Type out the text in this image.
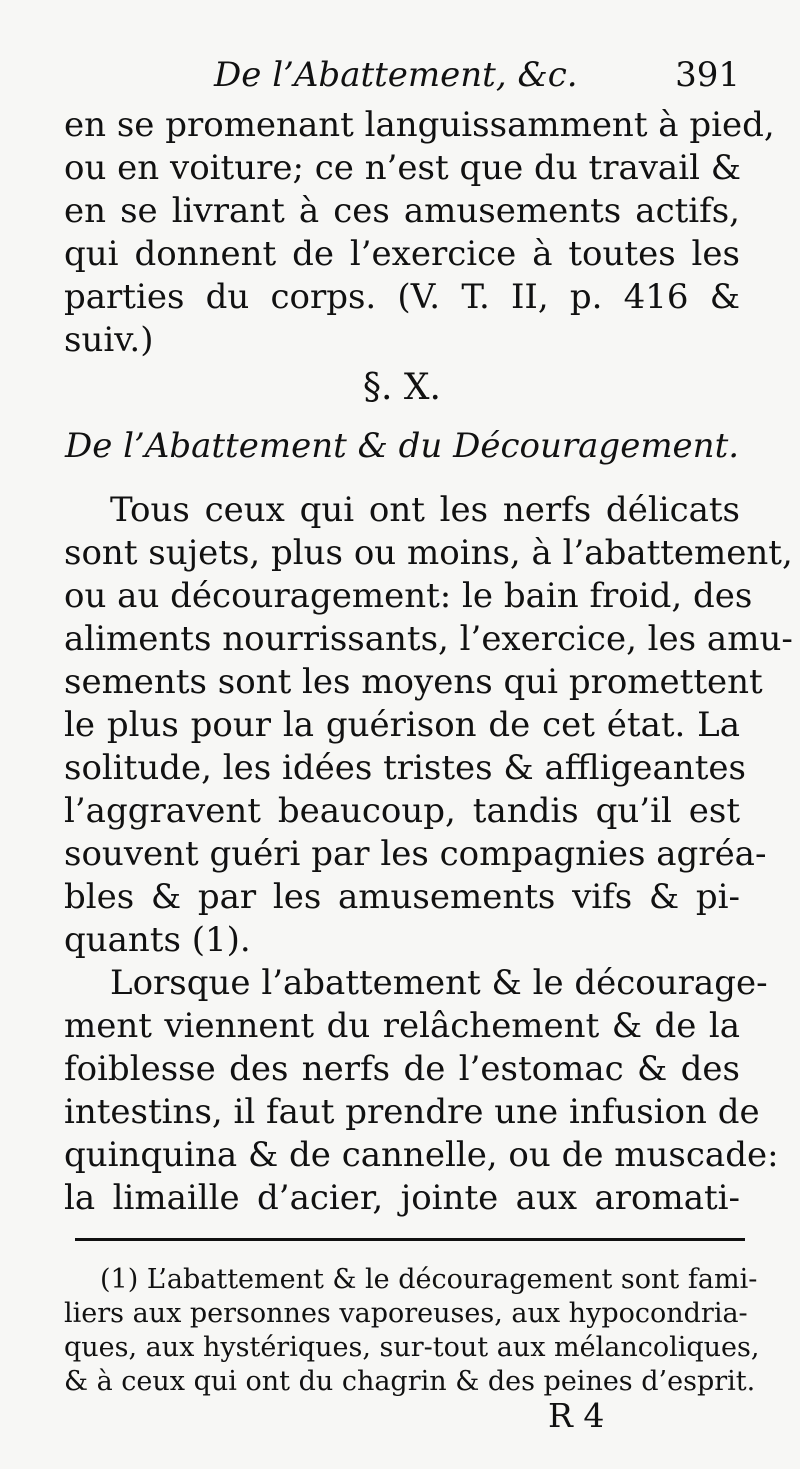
De l’Abattement, &c.	391
en se promenant languissamment à pied,
ou en voiture; ce n’est que du travail &
en se livrant à ces amusements actifs,
qui donnent de l’exercice à toutes les
parties du corps. (V. T. II, p. 416 &
suiv.)
§. X.
De l’Abattement & du Découragement.
Tous ceux qui ont les nerfs délicats
sont sujets, plus ou moins, à l’abattement,
ou au découragement: le bain froid, des
aliments nourrissants, l’exercice, les amu-
sements sont les moyens qui promettent
le plus pour la guérison de cet état. La
solitude, les idées tristes & affligeantes
l’aggravent beaucoup, tandis qu’il est
souvent guéri par les compagnies agréa-
bles & par les amusements vifs & pi-
quants (1).
Lorsque l’abattement & le découragе-
ment viennent du relâchement & de la
foiblesse des nerfs de l’estomac & des
intestins, il faut prendre une infusion de
quinquina & de cannelle, ou de muscade:
la limaille d’acier, jointe aux aromati-
(1) L’abattement & le découragement sont fami-
liers aux personnes vaporeuses, aux hypocondria-
ques, aux hystériques, sur-tout aux mélancoliques,
& à ceux qui ont du chagrin & des peines d’esprit.
R 4
